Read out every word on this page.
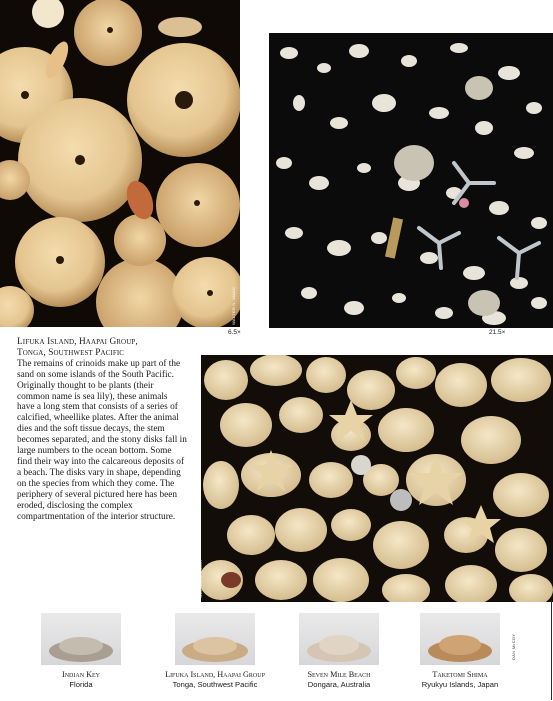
WALTER N. MACK
6.5×
WALTER N. MACK
21.5×
Lifuka Island, Haapai Group,
Tonga, Southwest Pacific
The remains of crinoids make up part of the sand on some islands of the South Pacific. Originally thought to be plants (their common name is sea lily), these animals have a long stem that consists of a series of calcified, wheellike plates. After the animal dies and the soft tissue decays, the stem becomes separated, and the stony disks fall in large numbers to the ocean bottom. Some find their way into the calcareous deposits of a beach. The disks vary in shape, depending on the species from which they come. The periphery of several pictured here has been eroded, disclosing the complex compartmentation of the interior structure.
WALTER N. MACK
Indian Key
Florida
Lifuka Island, Haapai Group
Tonga, Southwest Pacific
Seven Mile Beach
Dongara, Australia
Taketomi Shima
Ryukyu Islands, Japan
DAN McCOY
